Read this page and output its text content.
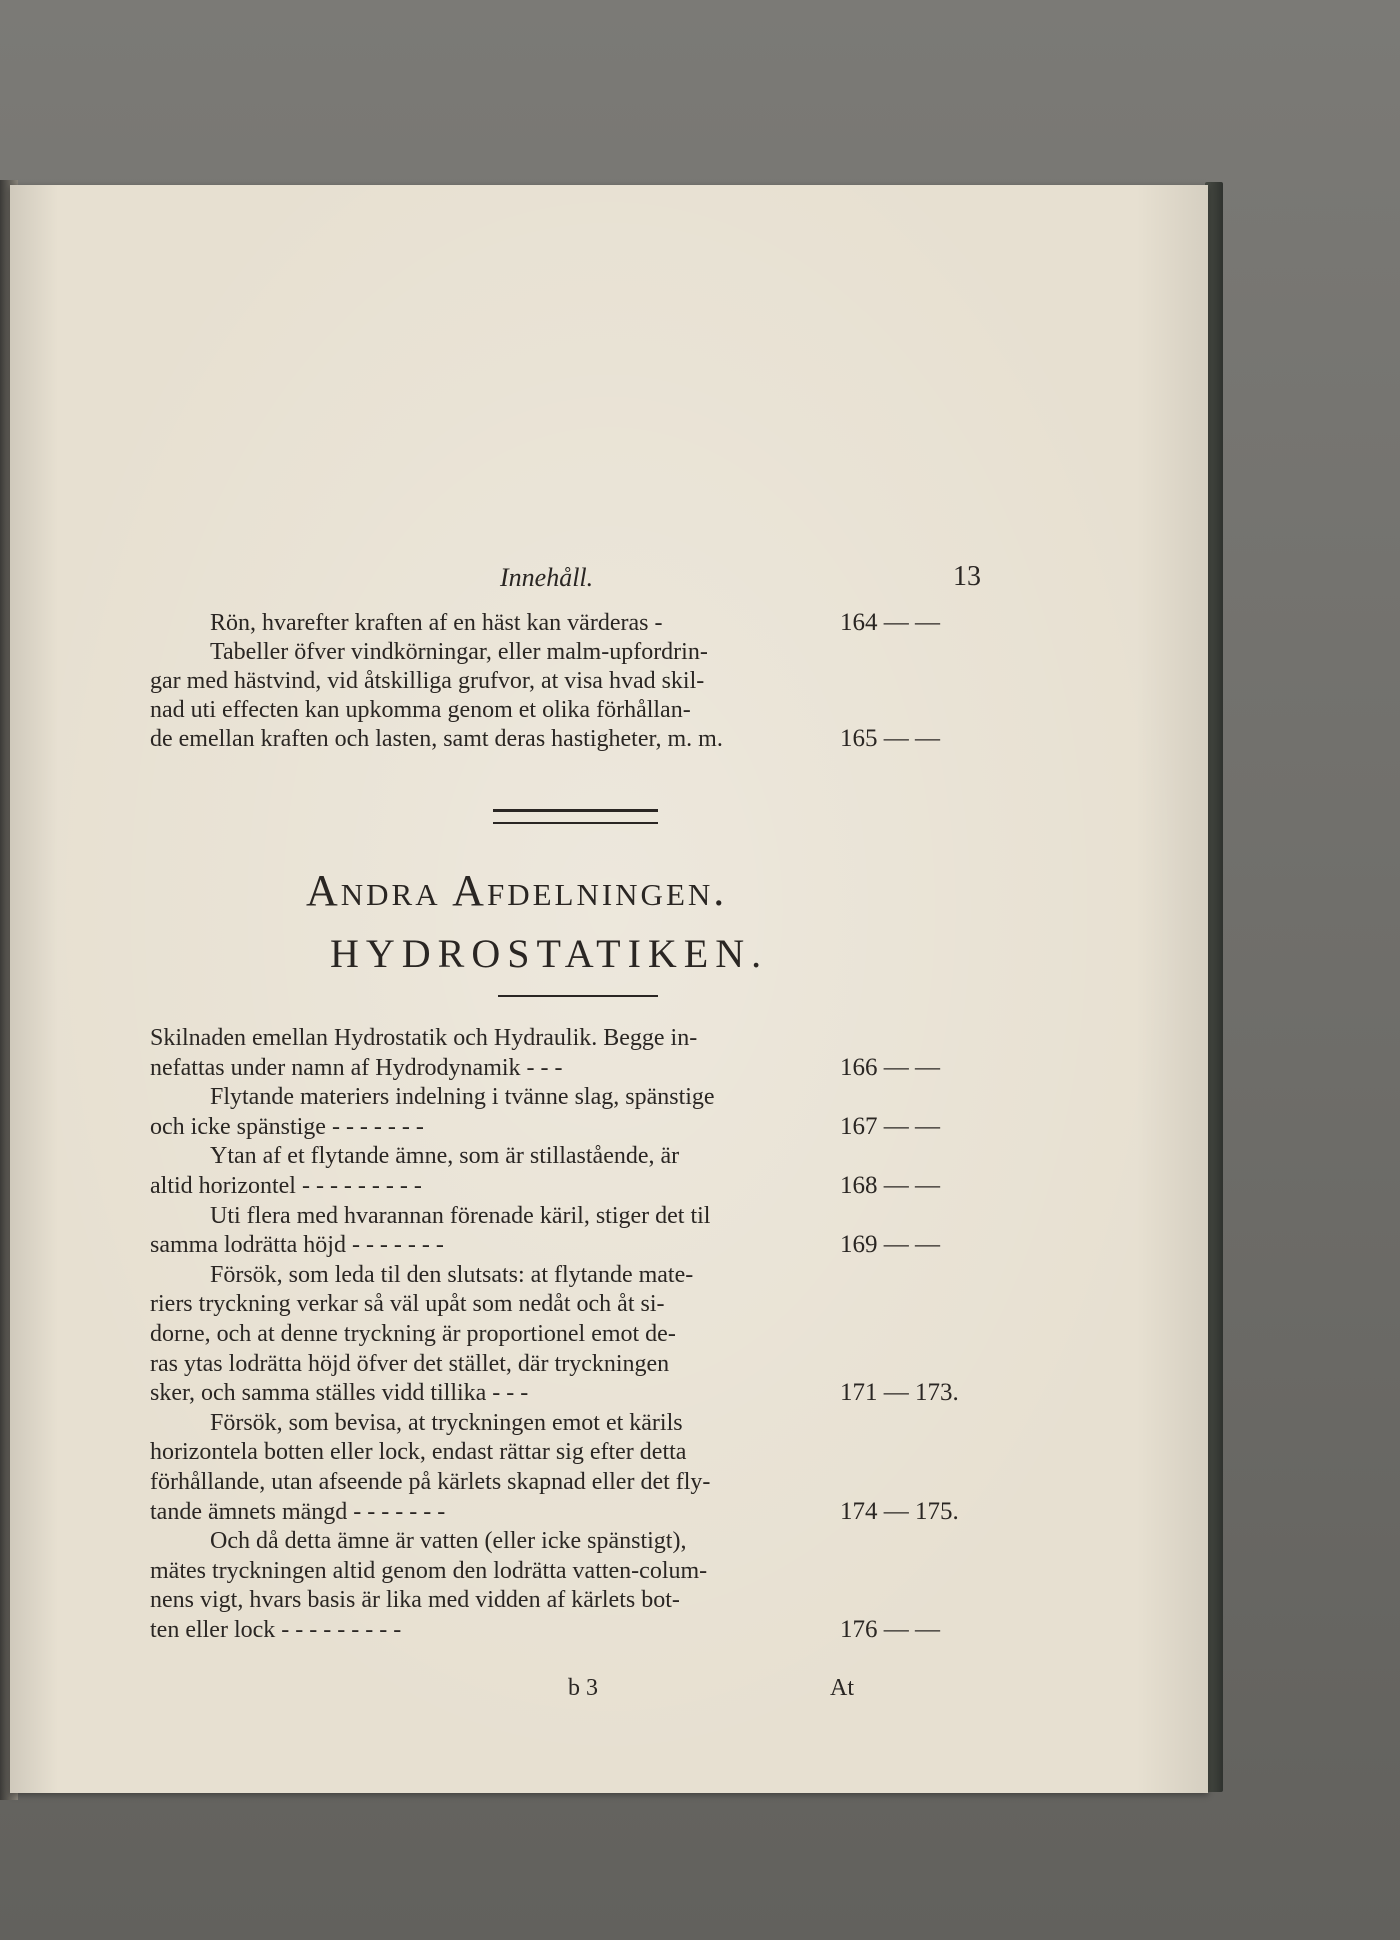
Innehåll.	13
Rön, hvarefter kraften af en häst kan värderas -	164 — —
Tabeller öfver vindkörningar, eller malm-upfordrin-
gar med hästvind, vid åtskilliga grufvor, at visa hvad skil-
nad uti effecten kan upkomma genom et olika förhållan-
de emellan kraften och lasten, samt deras hastigheter, m. m.	165 — —
Andra Afdelningen.
HYDROSTATIKEN.
Skilnaden emellan Hydrostatik och Hydraulik. Begge in-
nefattas under namn af Hydrodynamik - - -	166 — —
Flytande materiers indelning i tvänne slag, spänstige
och icke spänstige - - - - - - -	167 — —
Ytan af et flytande ämne, som är stillastående, är
altid horizontel - - - - - - - - -	168 — —
Uti flera med hvarannan förenade käril, stiger det til
samma lodrätta höjd - - - - - - -	169 — —
Försök, som leda til den slutsats: at flytande mate-
riers tryckning verkar så väl upåt som nedåt och åt si-
dorne, och at denne tryckning är proportionel emot de-
ras ytas lodrätta höjd öfver det stället, där tryckningen
sker, och samma ställes vidd tillika - - -	171 — 173.
Försök, som bevisa, at tryckningen emot et kärils
horizontela botten eller lock, endast rättar sig efter detta
förhållande, utan afseende på kärlets skapnad eller det fly-
tande ämnets mängd - - - - - - -	174 — 175.
Och då detta ämne är vatten (eller icke spänstigt),
mätes tryckningen altid genom den lodrätta vatten-colum-
nens vigt, hvars basis är lika med vidden af kärlets bot-
ten eller lock - - - - - - - - -	176 — —
b 3	At
